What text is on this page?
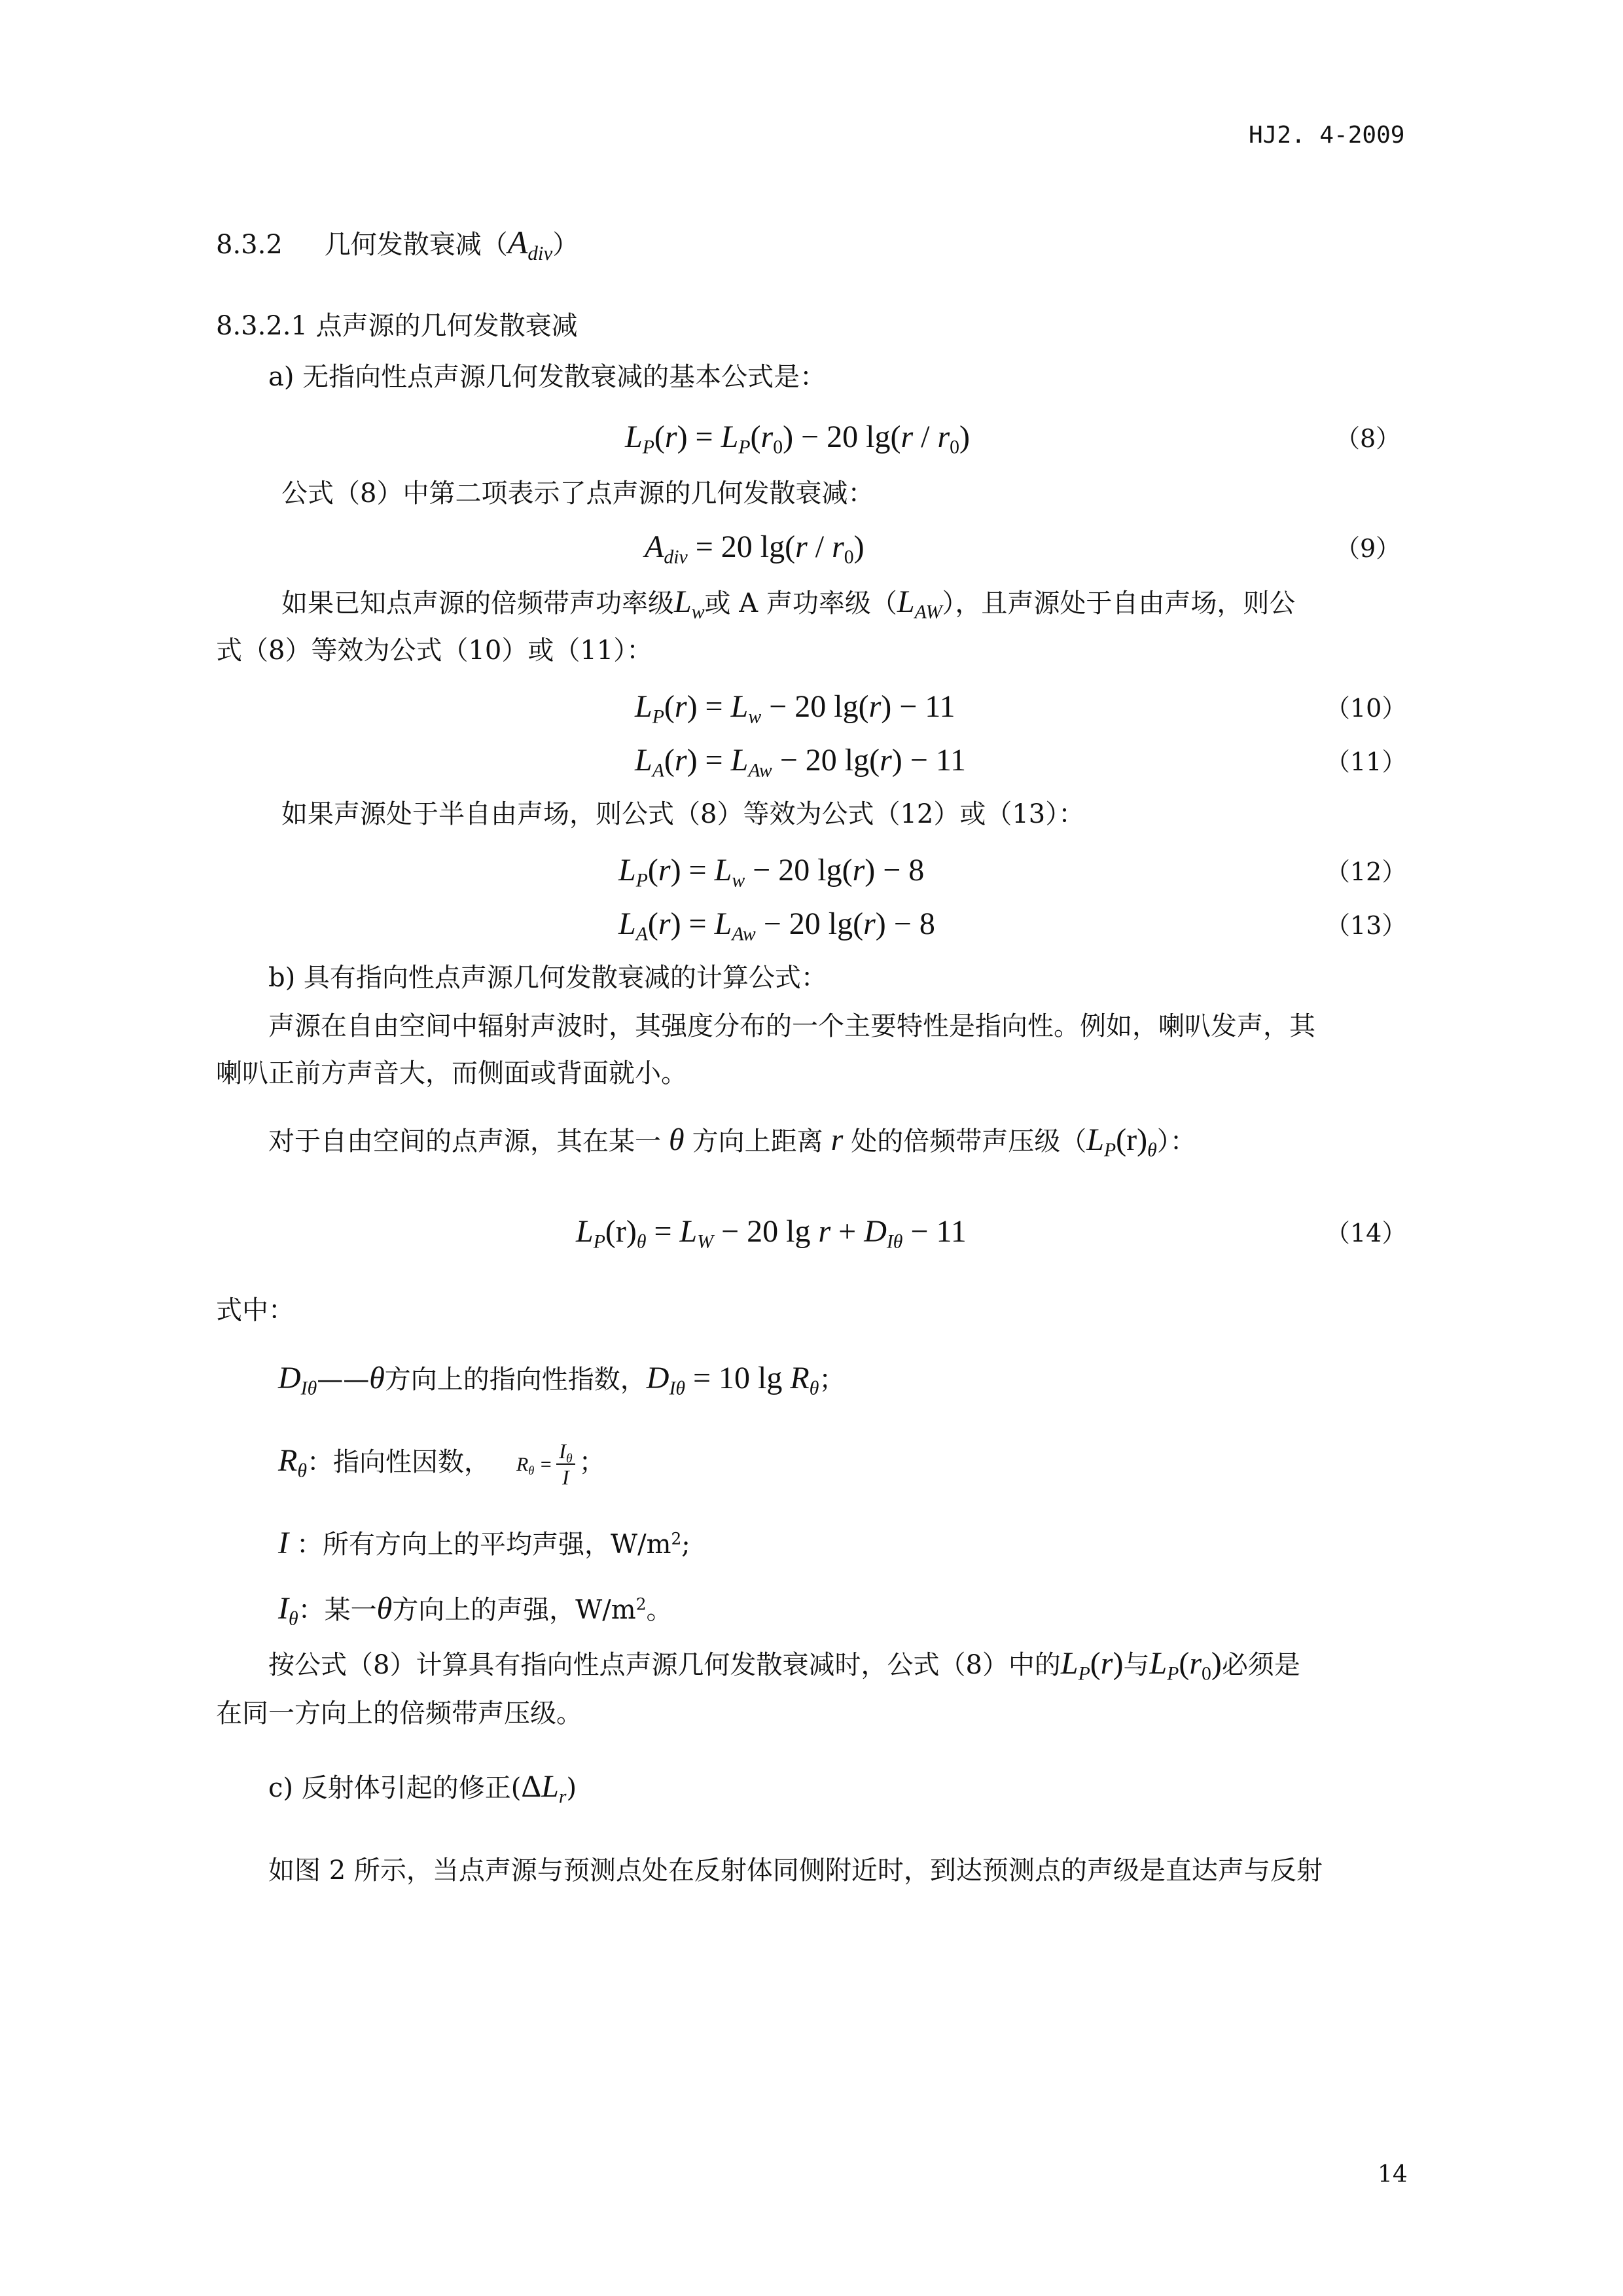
HJ2. 4-2009
8.3.2 几何发散衰减$(A_{div})$
8.3.2.1 点声源的几何发散衰减
a) 无指向性点声源几何发散衰减的基本公式是：
$L_P(r) = L_P(r_0) - 20$ $\lg(r / r_0)$	（8）
公式（8）中第二项表示了点声源的几何发散衰减：
$A_{div} = 20$ $\lg(r / r_0)$	（9）
如果已知点声源的倍频带声功率级$L_w$或 A 声功率级$(L_{AW})$，且声源处于自由声场，则公
式（8）等效为公式（10）或（11）：
$L_P(r) = L_w - 20$ lg(r) − 11	（10）
$L_A(r) = L_{Aw} - 20$ lg(r) − 11	（11）
如果声源处于半自由声场，则公式（8）等效为公式（12）或（13）：
$L_P(r) = L_w - 20$ lg(r) − 8	（12）
$L_A(r) = L_{Aw} - 20$ lg(r) − 8	（13）
b) 具有指向性点声源几何发散衰减的计算公式：
声源在自由空间中辐射声波时，其强度分布的一个主要特性是指向性。例如，喇叭发声，其
喇叭正前方声音大，而侧面或背面就小。
对于自由空间的点声源，其在某一 θ 方向上距离 r 处的倍频带声压级$(L_P(r)_\theta)$：
$L_P(r)_\theta = L_W - 20$ $\lg r + D_{I\theta} - 11$	（14）
式中：
$D_{I\theta}——\theta$方向上的指向性指数，$D_{I\theta} = 10$ $\lg R_\theta$；
$R_\theta$：指向性因数， $R_\theta = \frac{I_\theta}{I}$ ；
I ：所有方向上的平均声强，$W/m^2$;
$I_\theta$：某一θ方向上的声强，$W/m^2$。
按公式（8）计算具有指向性点声源几何发散衰减时，公式（8）中的$L_P(r)$与$L_P(r_0)$必须是
在同一方向上的倍频带声压级。
c) 反射体引起的修正$(\Delta L_r)$
如图 2 所示，当点声源与预测点处在反射体同侧附近时，到达预测点的声级是直达声与反射
14
